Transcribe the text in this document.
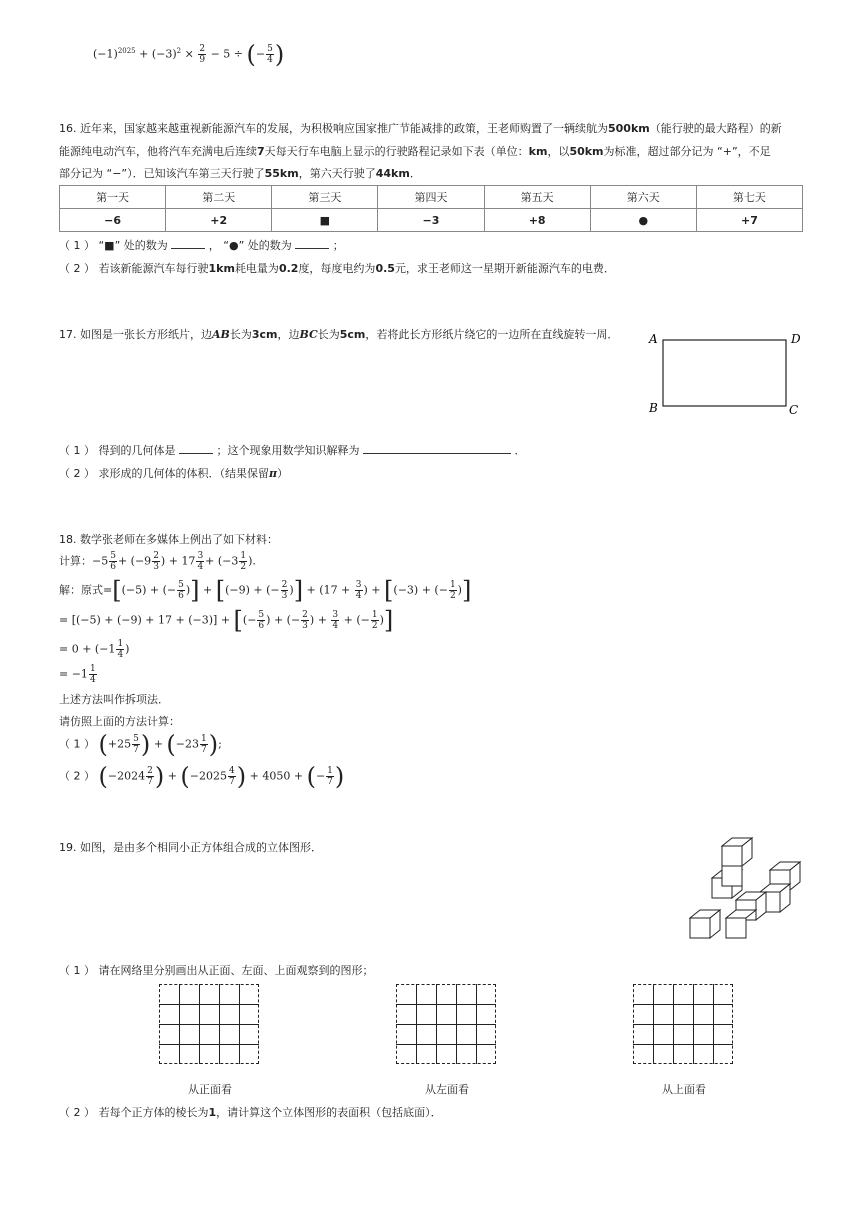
$(-1)^{2025} + (-3)^2 \times \frac{2}{9} - 5$ ÷ (− $\frac{5}{4}$ )
16. 近年来，国家越来越重视新能源汽车的发展，为积极响应国家推广节能减排的政策，王老师购置了一辆续航为500km（能行驶的最大路程）的新
能源纯电动汽车，他将汽车充满电后连续7天每天行车电脑上显示的行驶路程记录如下表（单位：km，以50km为标准，超过部分记为 “+”，不足
部分记为 “−”）．已知该汽车第三天行驶了55km，第六天行驶了44km．
第一天	第二天	第三天	第四天	第五天	第六天	第七天
−6	+2	■	−3	+8	●	+7
（ 1 ） “■” 处的数为	， “●” 处的数为	；
（ 2 ） 若该新能源汽车每行驶1km耗电量为0.2度，每度电约为0.5元，求王老师这一星期开新能源汽车的电费．
17. 如图是一张长方形纸片，边AB长为3cm，边BC长为5cm，若将此长方形纸片绕它的一边所在直线旋转一周．	A	D
B	C
（ 1 ） 得到的几何体是	；这个现象用数学知识解释为	．
（ 2 ） 求形成的几何体的体积．（结果保留π）
18. 数学张老师在多媒体上例出了如下材料：
计算：$-5 \frac{5}{6} + (-9 \frac{2}{3}$ ) + $17 \frac{3}{4} + (-3 \frac{1}{2}$ ).
解：原式=[(−5) + (− $\frac{5}{6}$ )] + [(−9) + (− $\frac{2}{3}$ )] + ($17 + \frac{3}{4}$ ) + [(−3) + (− $\frac{1}{2}$ )]
= [(−5) + (−9) + 17 + (−3)] + [(− $\frac{5}{6}$ ) + (− $\frac{2}{3}$ ) + $\frac{3}{4}$ + (− $\frac{1}{2}$ )]
= $0 + (-1 \frac{1}{4}$ )
= $-1 \frac{1}{4}$
上述方法叫作拆项法．
请仿照上面的方法计算：
（ 1 ） ($+25 \frac{5}{7}$ ) + ($-23 \frac{1}{7}$ );
（ 2 ） ($-2024 \frac{2}{7}$ ) + ($-2025 \frac{4}{7}$ ) + 4050 + (− $\frac{1}{7}$ )
19. 如图，是由多个相同小正方体组合成的立体图形．
（ 1 ） 请在网络里分别画出从正面、左面、上面观察到的图形；
从正面看	从左面看	从上面看
（ 2 ） 若每个正方体的棱长为1，请计算这个立体图形的表面积（包括底面）．
